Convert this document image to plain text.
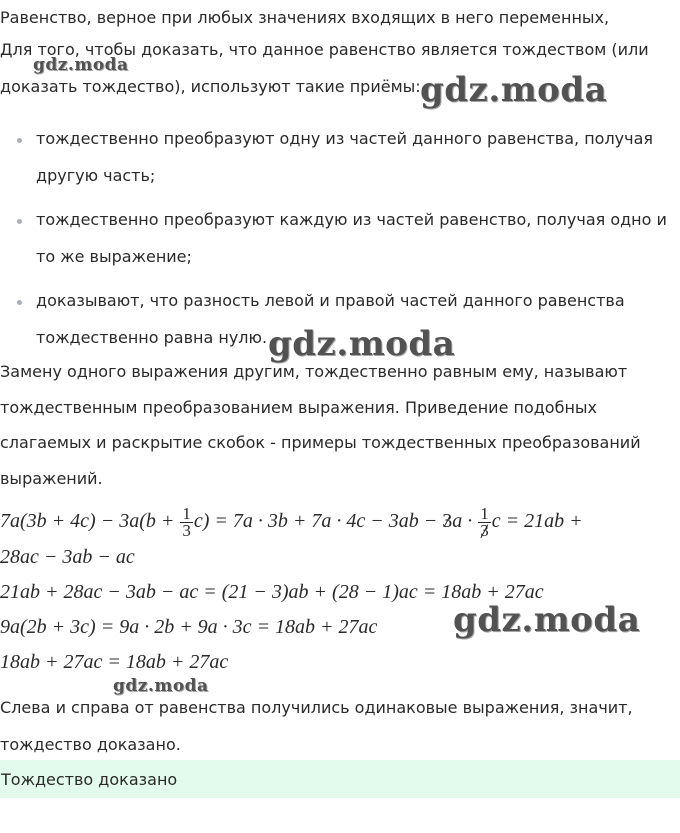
Равенство, верное при любых значениях входящих в него переменных,
Для того, чтобы доказать, что данное равенство является тождеством (или
доказать тождество), используют такие приёмы:
тождественно преобразуют одну из частей данного равенства, получая
другую часть;
тождественно преобразуют каждую из частей равенство, получая одно и
то же выражение;
доказывают, что разность левой и правой частей данного равенства
тождественно равна нулю.
Замену одного выражения другим, тождественно равным ему, называют
тождественным преобразованием выражения. Приведение подобных
слагаемых и раскрытие скобок - примеры тождественных преобразований
выражений.
$7a(3b + 4c) - 3a(b + \frac{1}{3} c) = 7a \cdot 3b + 7a \cdot 4c - 3ab - 3a \cdot \frac{1}{3}$ c = 21ab +
28ac − 3ab − ac
21ab + 28ac − 3ab − ac = (21 − 3)ab + (28 − 1)ac = 18ab + 27ac
9a(2b + 3c) = 9a · 2b + 9a · 3c = 18ab + 27ac
18ab + 27ac = 18ab + 27ac
Слева и справа от равенства получились одинаковые выражения, значит,
тождество доказано.
Тождество доказано
gdz.moda
gdz.moda
gdz.moda
gdz.moda
gdz.moda
